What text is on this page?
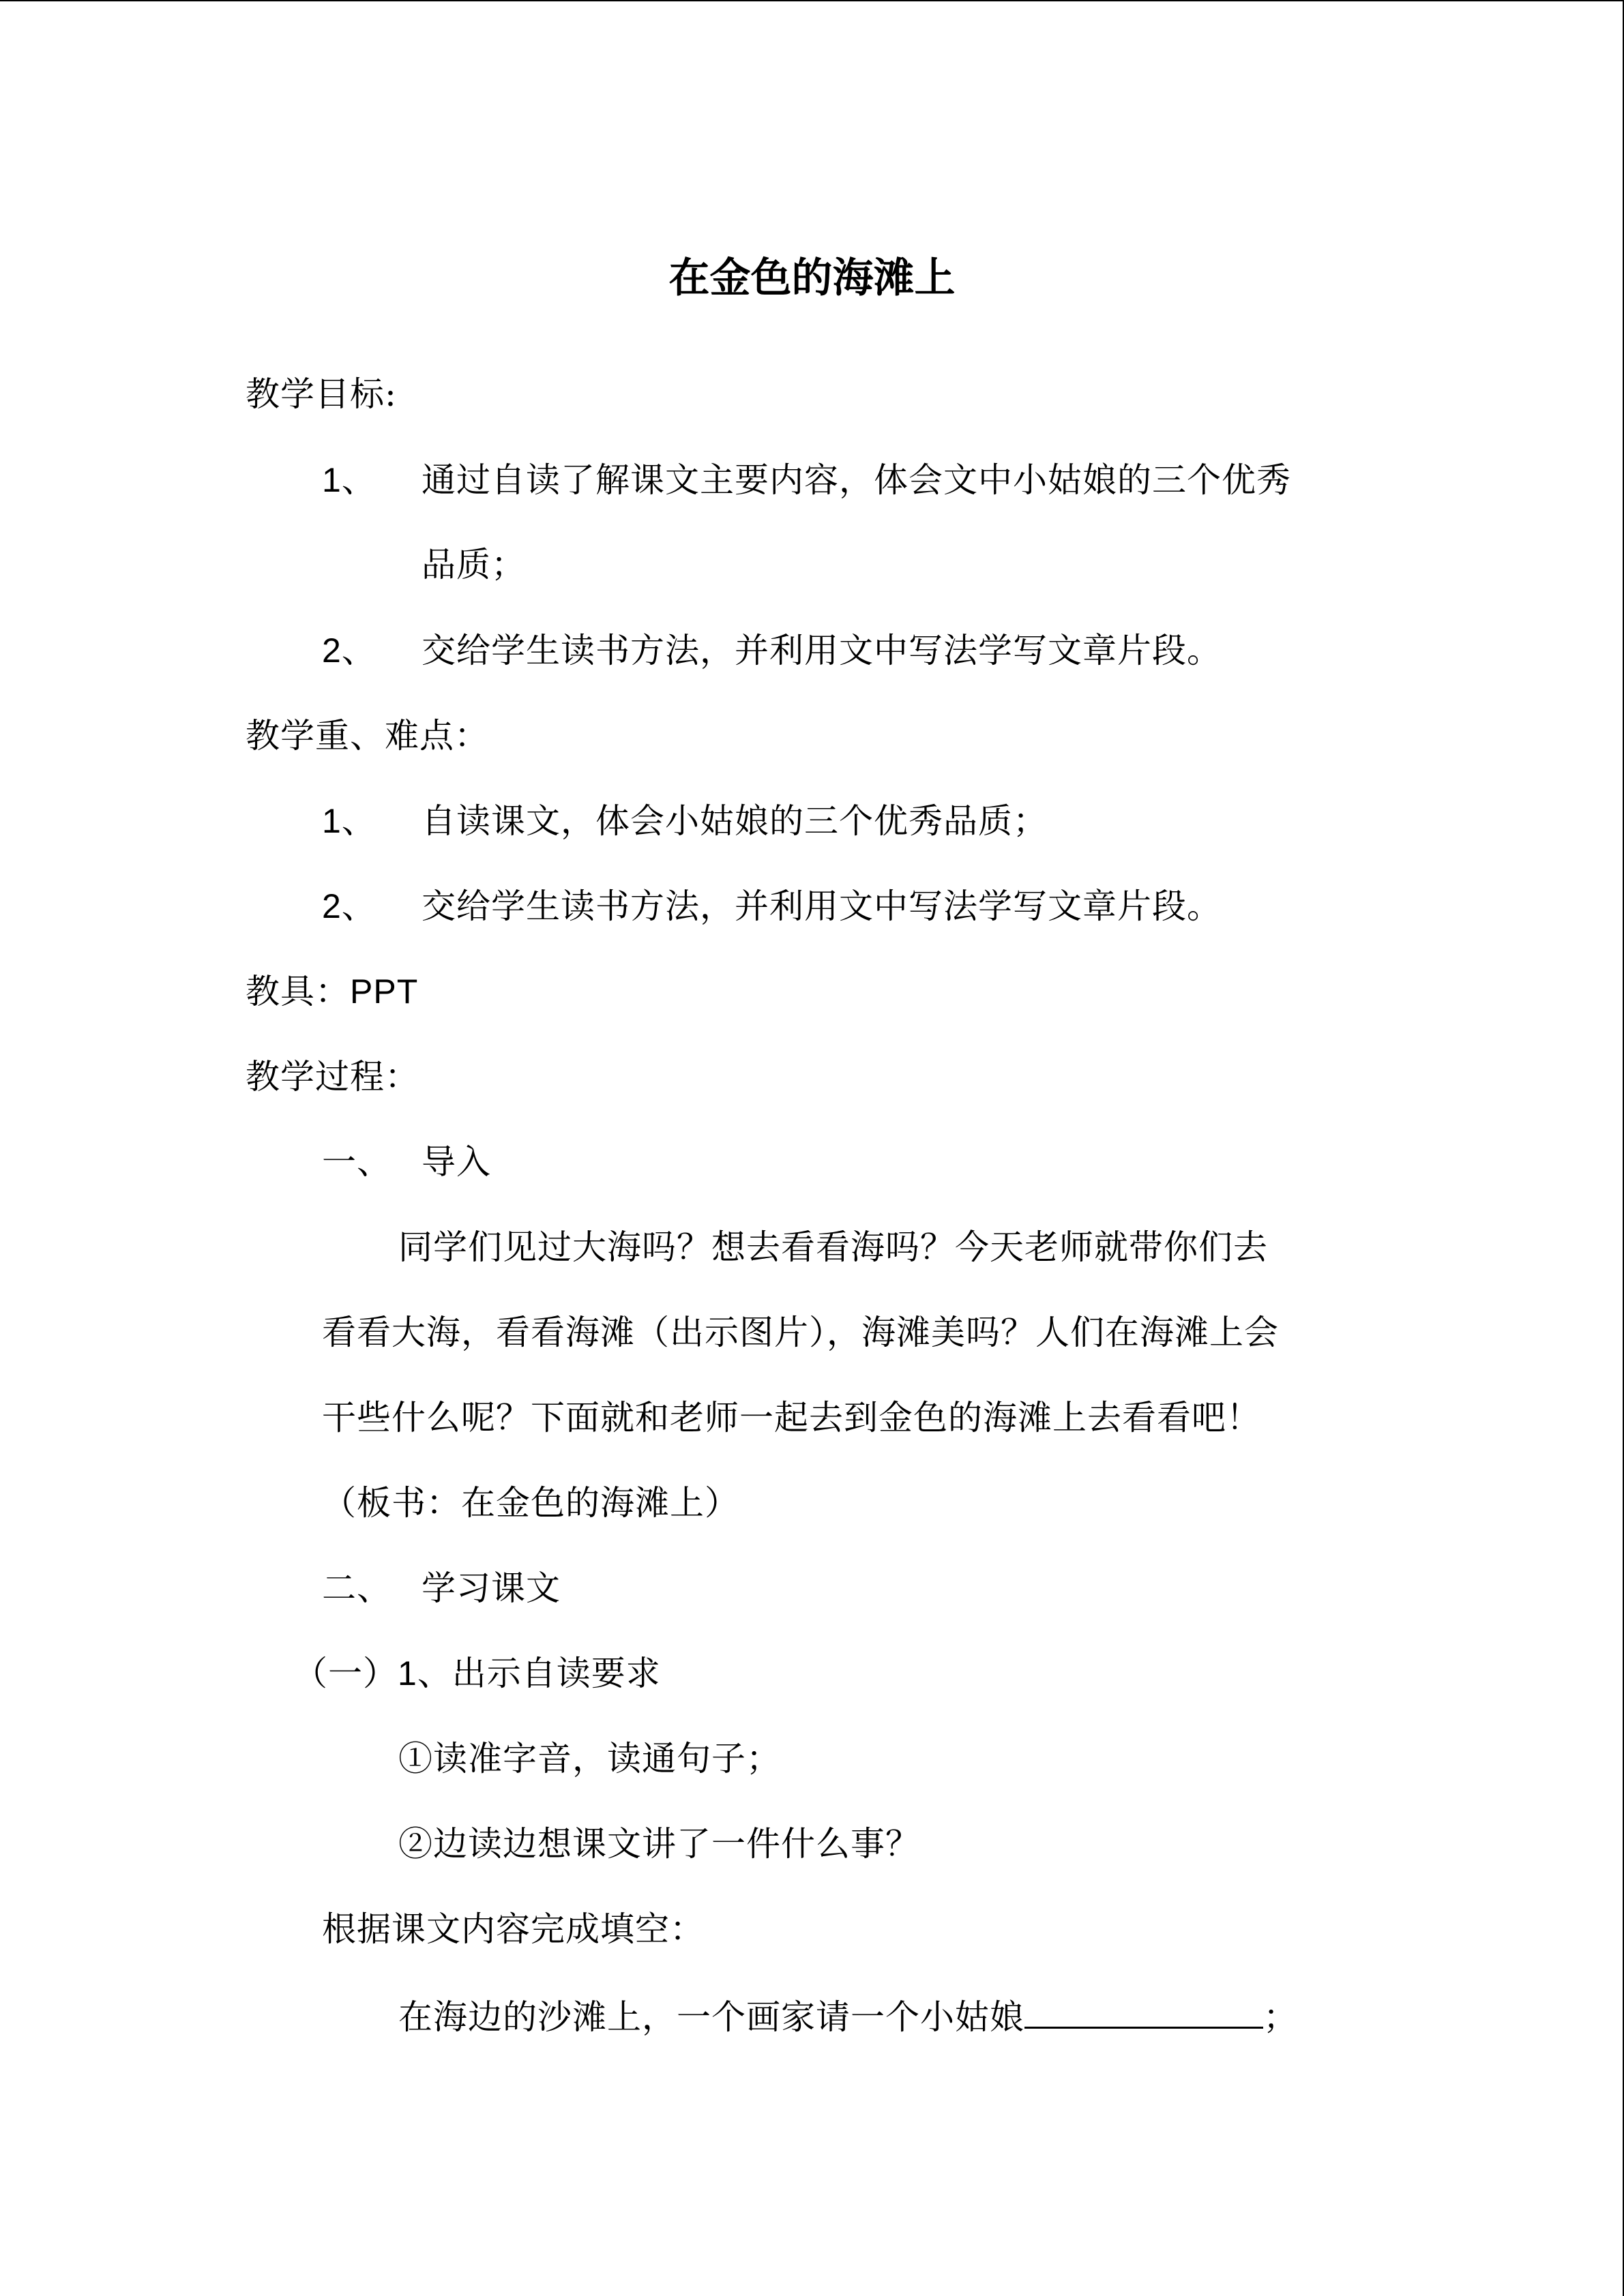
在金色的海滩上
教学目标:
1、 通过自读了解课文主要内容，体会文中小姑娘的三个优秀
品质；
2、 交给学生读书方法，并利用文中写法学写文章片段。
教学重、难点：
1、 自读课文，体会小姑娘的三个优秀品质；
2、 交给学生读书方法，并利用文中写法学写文章片段。
教具：PPT
教学过程：
一、 导入
同学们见过大海吗？想去看看海吗？今天老师就带你们去
看看大海，看看海滩（出示图片），海滩美吗？人们在海滩上会
干些什么呢？下面就和老师一起去到金色的海滩上去看看吧！
（板书：在金色的海滩上）
二、 学习课文
（一）1、出示自读要求
①读准字音，读通句子；
②边读边想课文讲了一件什么事？
根据课文内容完成填空：
在海边的沙滩上，一个画家请一个小姑娘	；
